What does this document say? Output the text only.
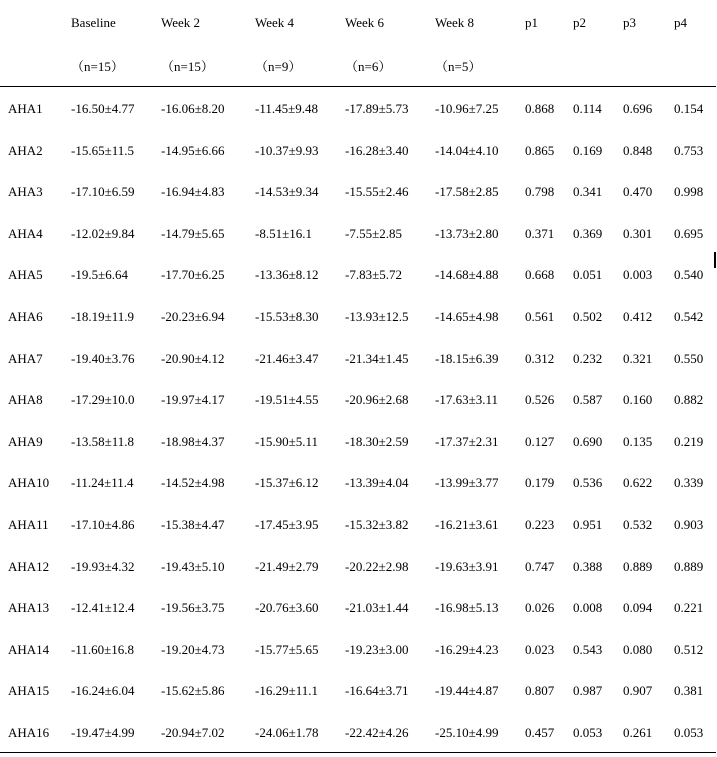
Baseline	Week 2	Week 4	Week 6	Week 8	p1	p2	p3	p4
（n=15）	（n=15）	（n=9）	（n=6）	（n=5）
AHA1 -16.50±4.77 -16.06±8.20 -11.45±9.48 -17.89±5.73 -10.96±7.25 0.868 0.114 0.696 0.154
AHA2 -15.65±11.5 -14.95±6.66 -10.37±9.93 -16.28±3.40 -14.04±4.10 0.865 0.169 0.848 0.753
AHA3 -17.10±6.59 -16.94±4.83 -14.53±9.34 -15.55±2.46 -17.58±2.85 0.798 0.341 0.470 0.998
AHA4 -12.02±9.84 -14.79±5.65 -8.51±16.1	-7.55±2.85	-13.73±2.80 0.371 0.369 0.301 0.695
AHA5 -19.5±6.64	-17.70±6.25 -13.36±8.12 -7.83±5.72	-14.68±4.88 0.668 0.051 0.003 0.540
AHA6 -18.19±11.9 -20.23±6.94 -15.53±8.30 -13.93±12.5 -14.65±4.98 0.561 0.502 0.412 0.542
AHA7 -19.40±3.76 -20.90±4.12 -21.46±3.47 -21.34±1.45 -18.15±6.39 0.312 0.232 0.321 0.550
AHA8 -17.29±10.0 -19.97±4.17 -19.51±4.55 -20.96±2.68 -17.63±3.11 0.526 0.587 0.160 0.882
AHA9 -13.58±11.8 -18.98±4.37 -15.90±5.11 -18.30±2.59 -17.37±2.31 0.127 0.690 0.135 0.219
AHA10 -11.24±11.4 -14.52±4.98 -15.37±6.12 -13.39±4.04 -13.99±3.77 0.179 0.536 0.622 0.339
AHA11 -17.10±4.86 -15.38±4.47 -17.45±3.95 -15.32±3.82 -16.21±3.61 0.223 0.951 0.532 0.903
AHA12 -19.93±4.32 -19.43±5.10 -21.49±2.79 -20.22±2.98 -19.63±3.91 0.747 0.388 0.889 0.889
AHA13 -12.41±12.4 -19.56±3.75 -20.76±3.60 -21.03±1.44 -16.98±5.13 0.026 0.008 0.094 0.221
AHA14 -11.60±16.8 -19.20±4.73 -15.77±5.65 -19.23±3.00 -16.29±4.23 0.023 0.543 0.080 0.512
AHA15 -16.24±6.04 -15.62±5.86 -16.29±11.1 -16.64±3.71 -19.44±4.87 0.807 0.987 0.907 0.381
AHA16 -19.47±4.99 -20.94±7.02 -24.06±1.78 -22.42±4.26 -25.10±4.99 0.457 0.053 0.261 0.053
